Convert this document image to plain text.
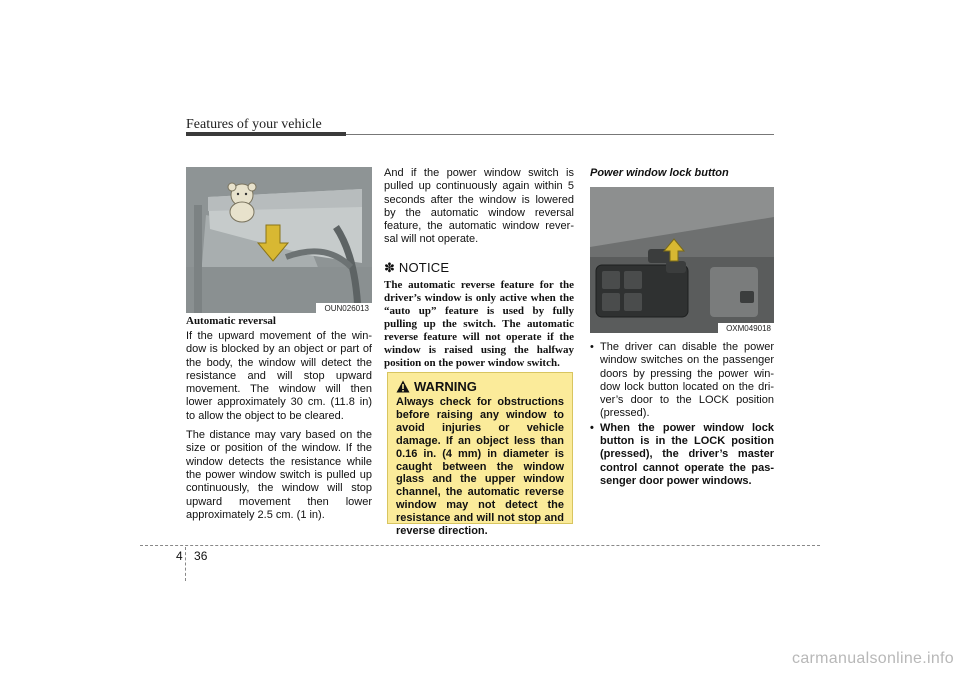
Features of your vehicle
OUN026013
Automatic reversal

If the upward movement of the win-dow is blocked by an object or part of the body, the window will detect the resistance and will stop upward movement. The window will then lower approximately 30 cm. (11.8 in) to allow the object to be cleared.

The distance may vary based on the size or position of the window. If the window detects the resistance while the power window switch is pulled up continuously, the window will stop upward movement then lower approximately 2.5 cm. (1 in).

And if the power window switch is pulled up continuously again within 5 seconds after the window is lowered by the automatic window reversal feature, the automatic window rever-sal will not operate.

✽ NOTICE

The automatic reverse feature for the driver’s window is only active when the “auto up” feature is used by fully pulling up the switch. The automatic reverse feature will not operate if the window is raised using the halfway position on the power window switch.

WARNING

Always check for obstructions before raising any window to avoid injuries or vehicle damage. If an object less than 0.16 in. (4 mm) in diameter is caught between the window glass and the upper window channel, the automatic reverse window may not detect the resistance and will not stop and reverse direction.

Power window lock button
OXM049018
• The driver can disable the power window switches on the passenger doors by pressing the power win-dow lock button located on the dri-ver’s door to the LOCK position (pressed).
• When the power window lock button is in the LOCK position (pressed), the driver’s master control cannot operate the pas-senger door power windows.
4 36
carmanualsonline.info
